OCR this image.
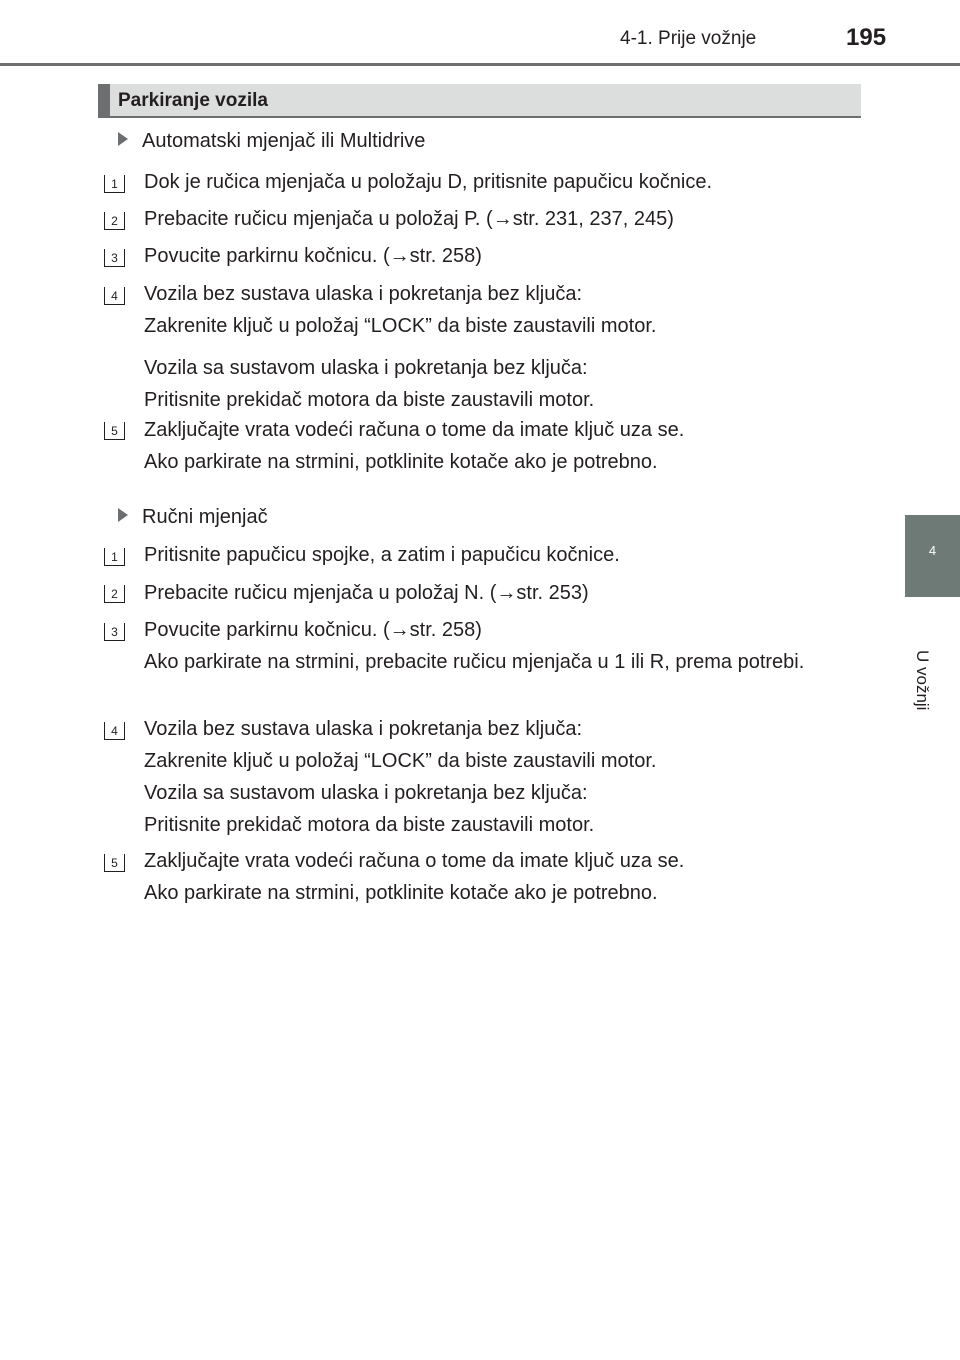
4-1. Prije vožnje	195
4
U vožnji
Parkiranje vozila
Automatski mjenjač ili Multidrive
1	Dok je ručica mjenjača u položaju D, pritisnite papučicu kočnice.
2	Prebacite ručicu mjenjača u položaj P. (→str. 231, 237, 245)
3	Povucite parkirnu kočnicu. (→str. 258)
4	Vozila bez sustava ulaska i pokretanja bez ključa:
Zakrenite ključ u položaj “LOCK” da biste zaustavili motor.
Vozila sa sustavom ulaska i pokretanja bez ključa:
Pritisnite prekidač motora da biste zaustavili motor.
5	Zaključajte vrata vodeći računa o tome da imate ključ uza se.
Ako parkirate na strmini, potklinite kotače ako je potrebno.
Ručni mjenjač
1	Pritisnite papučicu spojke, a zatim i papučicu kočnice.
2	Prebacite ručicu mjenjača u položaj N. (→str. 253)
3	Povucite parkirnu kočnicu. (→str. 258)
Ako parkirate na strmini, prebacite ručicu mjenjača u 1 ili R, prema potrebi.
4	Vozila bez sustava ulaska i pokretanja bez ključa:
Zakrenite ključ u položaj “LOCK” da biste zaustavili motor.
Vozila sa sustavom ulaska i pokretanja bez ključa:
Pritisnite prekidač motora da biste zaustavili motor.
5	Zaključajte vrata vodeći računa o tome da imate ključ uza se.
Ako parkirate na strmini, potklinite kotače ako je potrebno.
